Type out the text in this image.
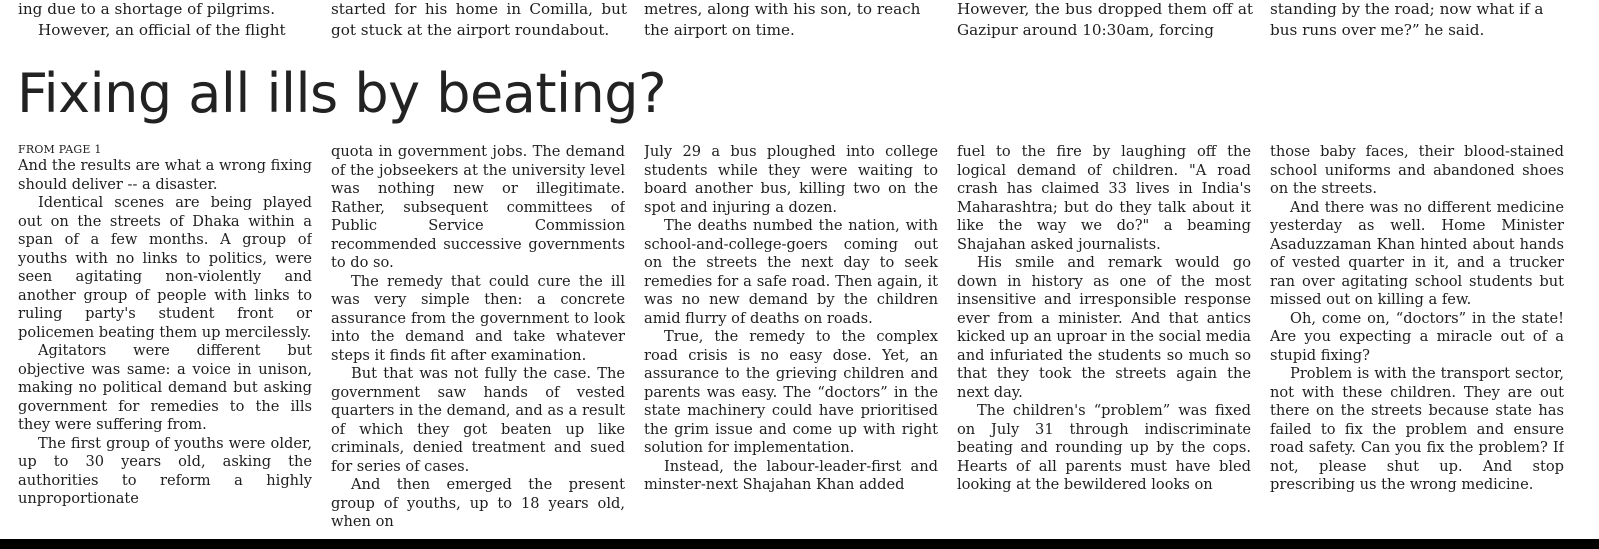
ing due to a shortage of pilgrims.

However, an official of the flight

started for his home in Comilla, but got stuck at the airport roundabout.

metres, along with his son, to reach the airport on time.

However, the bus dropped them off at Gazipur around 10:30am, forcing

standing by the road; now what if a bus runs over me?” he said.

Fixing all ills by beating?
FROM PAGE 1

And the results are what a wrong fixing should deliver -- a disaster.

Identical scenes are being played out on the streets of Dhaka within a span of a few months. A group of youths with no links to politics, were seen agitating non-violently and another group of people with links to ruling party's student front or policemen beating them up mercilessly.

Agitators were different but objective was same: a voice in unison, making no political demand but asking government for remedies to the ills they were suffering from.

The first group of youths were older, up to 30 years old, asking the authorities to reform a highly unproportionate

quota in government jobs. The demand of the jobseekers at the university level was nothing new or illegitimate. Rather, subsequent committees of Public Service Commission recommended successive governments to do so.

The remedy that could cure the ill was very simple then: a concrete assurance from the government to look into the demand and take whatever steps it finds fit after examination.

But that was not fully the case. The government saw hands of vested quarters in the demand, and as a result of which they got beaten up like criminals, denied treatment and sued for series of cases.

And then emerged the present group of youths, up to 18 years old, when on

July 29 a bus ploughed into college students while they were waiting to board another bus, killing two on the spot and injuring a dozen.

The deaths numbed the nation, with school-and-college-goers coming out on the streets the next day to seek remedies for a safe road. Then again, it was no new demand by the children amid flurry of deaths on roads.

True, the remedy to the complex road crisis is no easy dose. Yet, an assurance to the grieving children and parents was easy. The “doctors” in the state machinery could have prioritised the grim issue and come up with right solution for implementation.

Instead, the labour-leader-first and minster-next Shajahan Khan added

fuel to the fire by laughing off the logical demand of children. "A road crash has claimed 33 lives in India's Maharashtra; but do they talk about it like the way we do?" a beaming Shajahan asked journalists.

His smile and remark would go down in history as one of the most insensitive and irresponsible response ever from a minister. And that antics kicked up an uproar in the social media and infuriated the students so much so that they took the streets again the next day.

The children's “problem” was fixed on July 31 through indiscriminate beating and rounding up by the cops. Hearts of all parents must have bled looking at the bewildered looks on

those baby faces, their blood-stained school uniforms and abandoned shoes on the streets.

And there was no different medicine yesterday as well. Home Minister Asaduzzaman Khan hinted about hands of vested quarter in it, and a trucker ran over agitating school students but missed out on killing a few.

Oh, come on, “doctors” in the state! Are you expecting a miracle out of a stupid fixing?

Problem is with the transport sector, not with these children. They are out there on the streets because state has failed to fix the problem and ensure road safety. Can you fix the problem? If not, please shut up. And stop prescribing us the wrong medicine.
